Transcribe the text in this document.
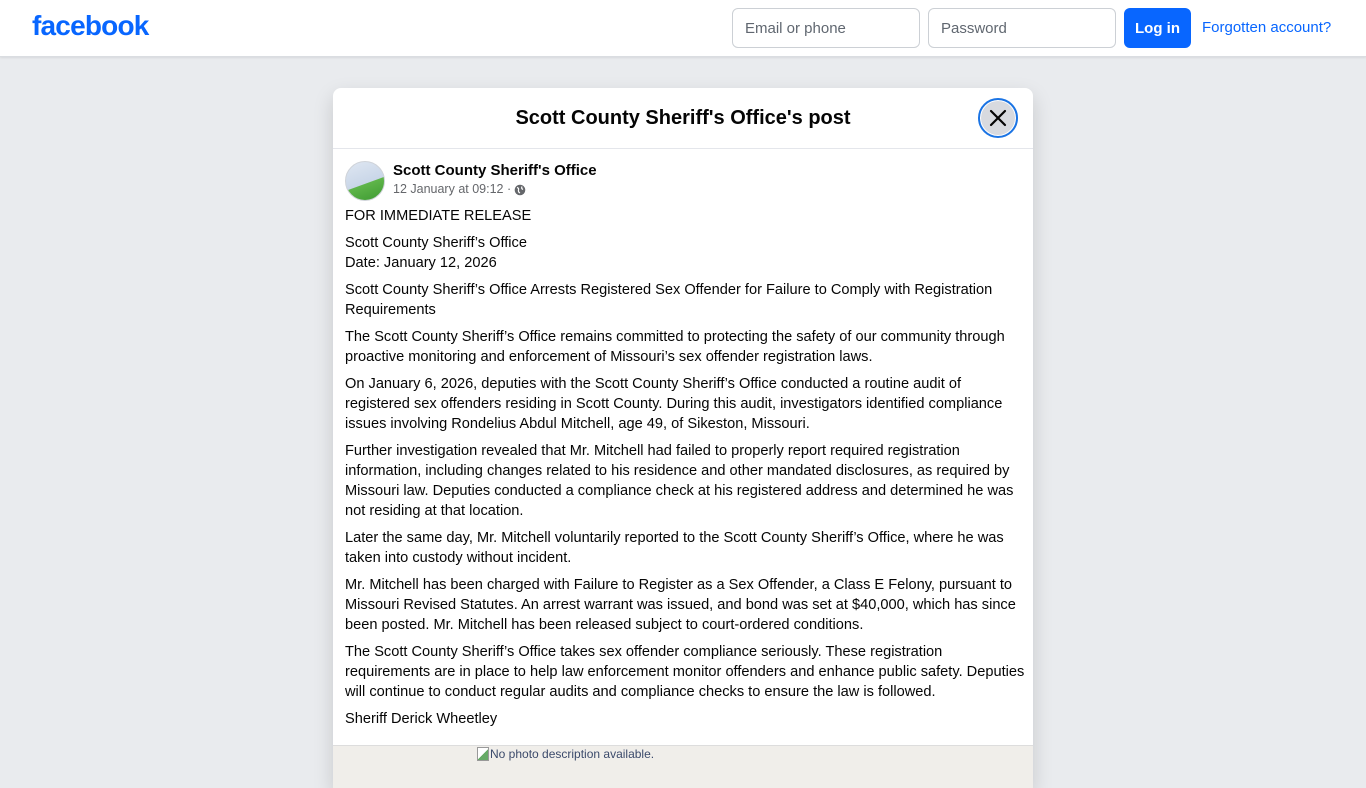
facebook
Email or phone	Log in	Forgotten account?
Scott County Sheriff's Office's post
Scott County Sheriff's Office
12 January at 09:12 ·

FOR IMMEDIATE RELEASE

Scott County Sheriff’s Office
Date: January 12, 2026

Scott County Sheriff’s Office Arrests Registered Sex Offender for Failure to Comply with Registration Requirements

The Scott County Sheriff’s Office remains committed to protecting the safety of our community through proactive monitoring and enforcement of Missouri’s sex offender registration laws.

On January 6, 2026, deputies with the Scott County Sheriff’s Office conducted a routine audit of registered sex offenders residing in Scott County. During this audit, investigators identified compliance issues involving Rondelius Abdul Mitchell, age 49, of Sikeston, Missouri.

Further investigation revealed that Mr. Mitchell had failed to properly report required registration information, including changes related to his residence and other mandated disclosures, as required by Missouri law. Deputies conducted a compliance check at his registered address and determined he was not residing at that location.

Later the same day, Mr. Mitchell voluntarily reported to the Scott County Sheriff’s Office, where he was taken into custody without incident.

Mr. Mitchell has been charged with Failure to Register as a Sex Offender, a Class E Felony, pursuant to Missouri Revised Statutes. An arrest warrant was issued, and bond was set at $40,000, which has since been posted. Mr. Mitchell has been released subject to court-ordered conditions.

The Scott County Sheriff’s Office takes sex offender compliance seriously. These registration requirements are in place to help law enforcement monitor offenders and enhance public safety. Deputies will continue to conduct regular audits and compliance checks to ensure the law is followed.

Sheriff Derick Wheetley

No photo description available.
